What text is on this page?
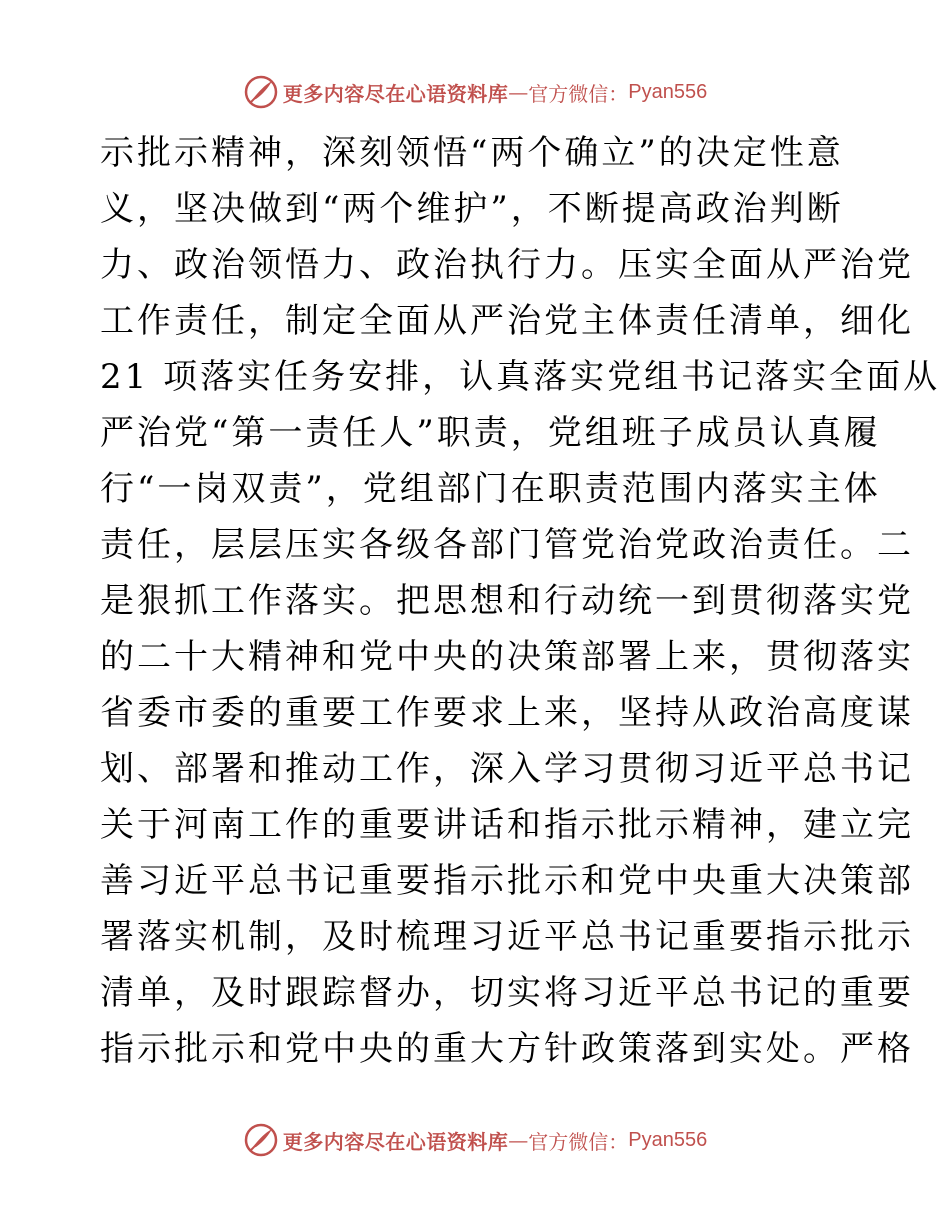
更多内容尽在心语资料库 — 官方微信： Pyan556
示批示精神，深刻领悟“两个确立”的决定性意
义，坚决做到“两个维护”，不断提高政治判断
力、政治领悟力、政治执行力。压实全面从严治党
工作责任，制定全面从严治党主体责任清单，细化
21 项落实任务安排，认真落实党组书记落实全面从
严治党“第一责任人”职责，党组班子成员认真履
行“一岗双责”，党组部门在职责范围内落实主体
责任，层层压实各级各部门管党治党政治责任。二
是狠抓工作落实。把思想和行动统一到贯彻落实党
的二十大精神和党中央的决策部署上来，贯彻落实
省委市委的重要工作要求上来，坚持从政治高度谋
划、部署和推动工作，深入学习贯彻习近平总书记
关于河南工作的重要讲话和指示批示精神，建立完
善习近平总书记重要指示批示和党中央重大决策部
署落实机制，及时梳理习近平总书记重要指示批示
清单，及时跟踪督办，切实将习近平总书记的重要
指示批示和党中央的重大方针政策落到实处。严格
更多内容尽在心语资料库 — 官方微信： Pyan556
